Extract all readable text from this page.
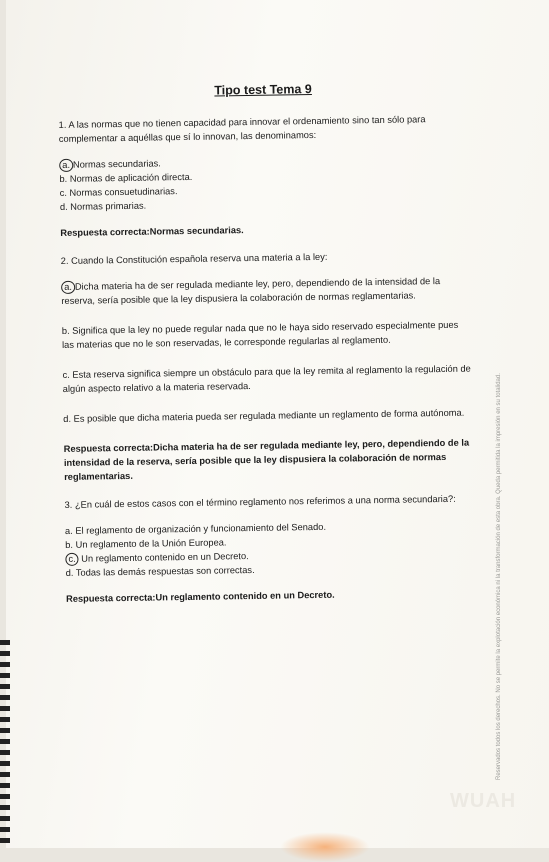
Tipo test Tema 9
1. A las normas que no tienen capacidad para innovar el ordenamiento sino tan sólo para complementar a aquéllas que sí lo innovan, las denominamos:
a. Normas secundarias.
b. Normas de aplicación directa.
c. Normas consuetudinarias.
d. Normas primarias.
Respuesta correcta:Normas secundarias.
2. Cuando la Constitución española reserva una materia a la ley:
a. Dicha materia ha de ser regulada mediante ley, pero, dependiendo de la intensidad de la reserva, sería posible que la ley dispusiera la colaboración de normas reglamentarias.
b. Significa que la ley no puede regular nada que no le haya sido reservado especialmente pues las materias que no le son reservadas, le corresponde regularlas al reglamento.
c. Esta reserva significa siempre un obstáculo para que la ley remita al reglamento la regulación de algún aspecto relativo a la materia reservada.
d. Es posible que dicha materia pueda ser regulada mediante un reglamento de forma autónoma.
Respuesta correcta:Dicha materia ha de ser regulada mediante ley, pero, dependiendo de la intensidad de la reserva, sería posible que la ley dispusiera la colaboración de normas reglamentarias.
3. ¿En cuál de estos casos con el término reglamento nos referimos a una norma secundaria?:
a. El reglamento de organización y funcionamiento del Senado.
b. Un reglamento de la Unión Europea.
c. Un reglamento contenido en un Decreto.
d. Todas las demás respuestas son correctas.
Respuesta correcta:Un reglamento contenido en un Decreto.	Reservados todos los derechos. No se permite la explotación económica ni la transformación de esta obra. Queda permitida la impresión en su totalidad.
WUAH
